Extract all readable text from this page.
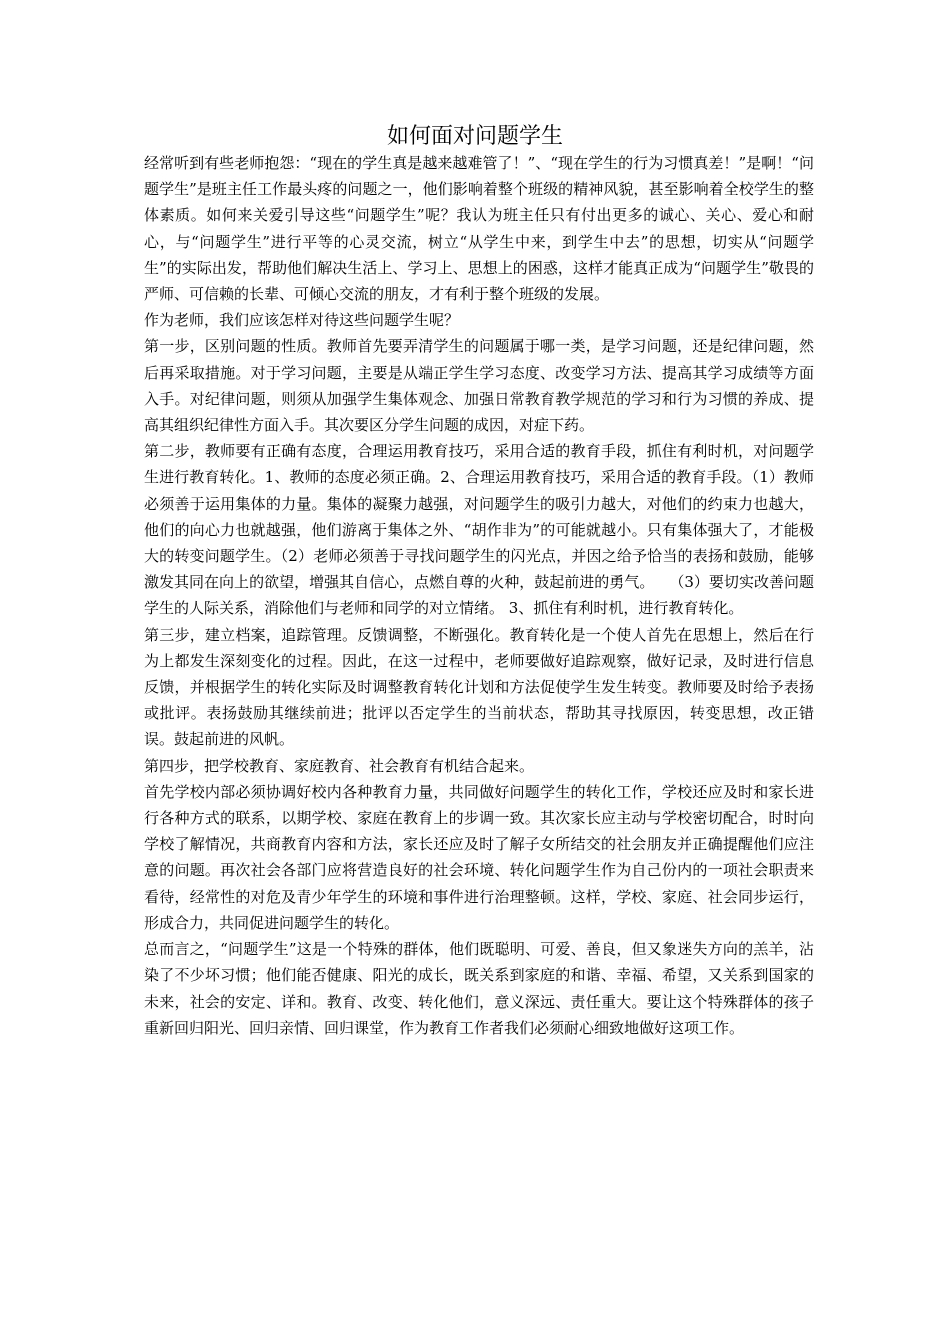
如何面对问题学生

经常听到有些老师抱怨：“现在的学生真是越来越难管了！”、“现在学生的行为习惯真差！”是啊！“问题学生”是班主任工作最头疼的问题之一，他们影响着整个班级的精神风貌，甚至影响着全校学生的整体素质。如何来关爱引导这些“问题学生”呢？我认为班主任只有付出更多的诚心、关心、爱心和耐心，与“问题学生”进行平等的心灵交流，树立“从学生中来，到学生中去”的思想，切实从“问题学生”的实际出发，帮助他们解决生活上、学习上、思想上的困惑，这样才能真正成为“问题学生”敬畏的严师、可信赖的长辈、可倾心交流的朋友，才有利于整个班级的发展。

作为老师，我们应该怎样对待这些问题学生呢？

第一步，区别问题的性质。教师首先要弄清学生的问题属于哪一类，是学习问题，还是纪律问题，然后再采取措施。对于学习问题，主要是从端正学生学习态度、改变学习方法、提高其学习成绩等方面入手。对纪律问题，则须从加强学生集体观念、加强日常教育教学规范的学习和行为习惯的养成、提高其组织纪律性方面入手。其次要区分学生问题的成因，对症下药。

第二步，教师要有正确有态度，合理运用教育技巧，采用合适的教育手段，抓住有利时机，对问题学生进行教育转化。1、教师的态度必须正确。2、合理运用教育技巧，采用合适的教育手段。（1）教师必须善于运用集体的力量。集体的凝聚力越强，对问题学生的吸引力越大，对他们的约束力也越大，他们的向心力也就越强，他们游离于集体之外、“胡作非为”的可能就越小。只有集体强大了，才能极大的转变问题学生。（2）老师必须善于寻找问题学生的闪光点，并因之给予恰当的表扬和鼓励，能够激发其同在向上的欲望，增强其自信心，点燃自尊的火种，鼓起前进的勇气。　　（3）要切实改善问题学生的人际关系，消除他们与老师和同学的对立情绪。 3、抓住有利时机，进行教育转化。

第三步，建立档案，追踪管理。反馈调整，不断强化。教育转化是一个使人首先在思想上，然后在行为上都发生深刻变化的过程。因此，在这一过程中，老师要做好追踪观察，做好记录，及时进行信息反馈，并根据学生的转化实际及时调整教育转化计划和方法促使学生发生转变。教师要及时给予表扬或批评。表扬鼓励其继续前进；批评以否定学生的当前状态，帮助其寻找原因，转变思想，改正错误。鼓起前进的风帆。

第四步，把学校教育、家庭教育、社会教育有机结合起来。

首先学校内部必须协调好校内各种教育力量，共同做好问题学生的转化工作，学校还应及时和家长进行各种方式的联系，以期学校、家庭在教育上的步调一致。其次家长应主动与学校密切配合，时时向学校了解情况，共商教育内容和方法，家长还应及时了解子女所结交的社会朋友并正确提醒他们应注意的问题。再次社会各部门应将营造良好的社会环境、转化问题学生作为自己份内的一项社会职责来看待，经常性的对危及青少年学生的环境和事件进行治理整顿。这样，学校、家庭、社会同步运行，形成合力，共同促进问题学生的转化。

总而言之，“问题学生”这是一个特殊的群体，他们既聪明、可爱、善良，但又象迷失方向的羔羊，沾染了不少坏习惯；他们能否健康、阳光的成长，既关系到家庭的和谐、幸福、希望，又关系到国家的未来，社会的安定、详和。教育、改变、转化他们，意义深远、责任重大。要让这个特殊群体的孩子重新回归阳光、回归亲情、回归课堂，作为教育工作者我们必须耐心细致地做好这项工作。
